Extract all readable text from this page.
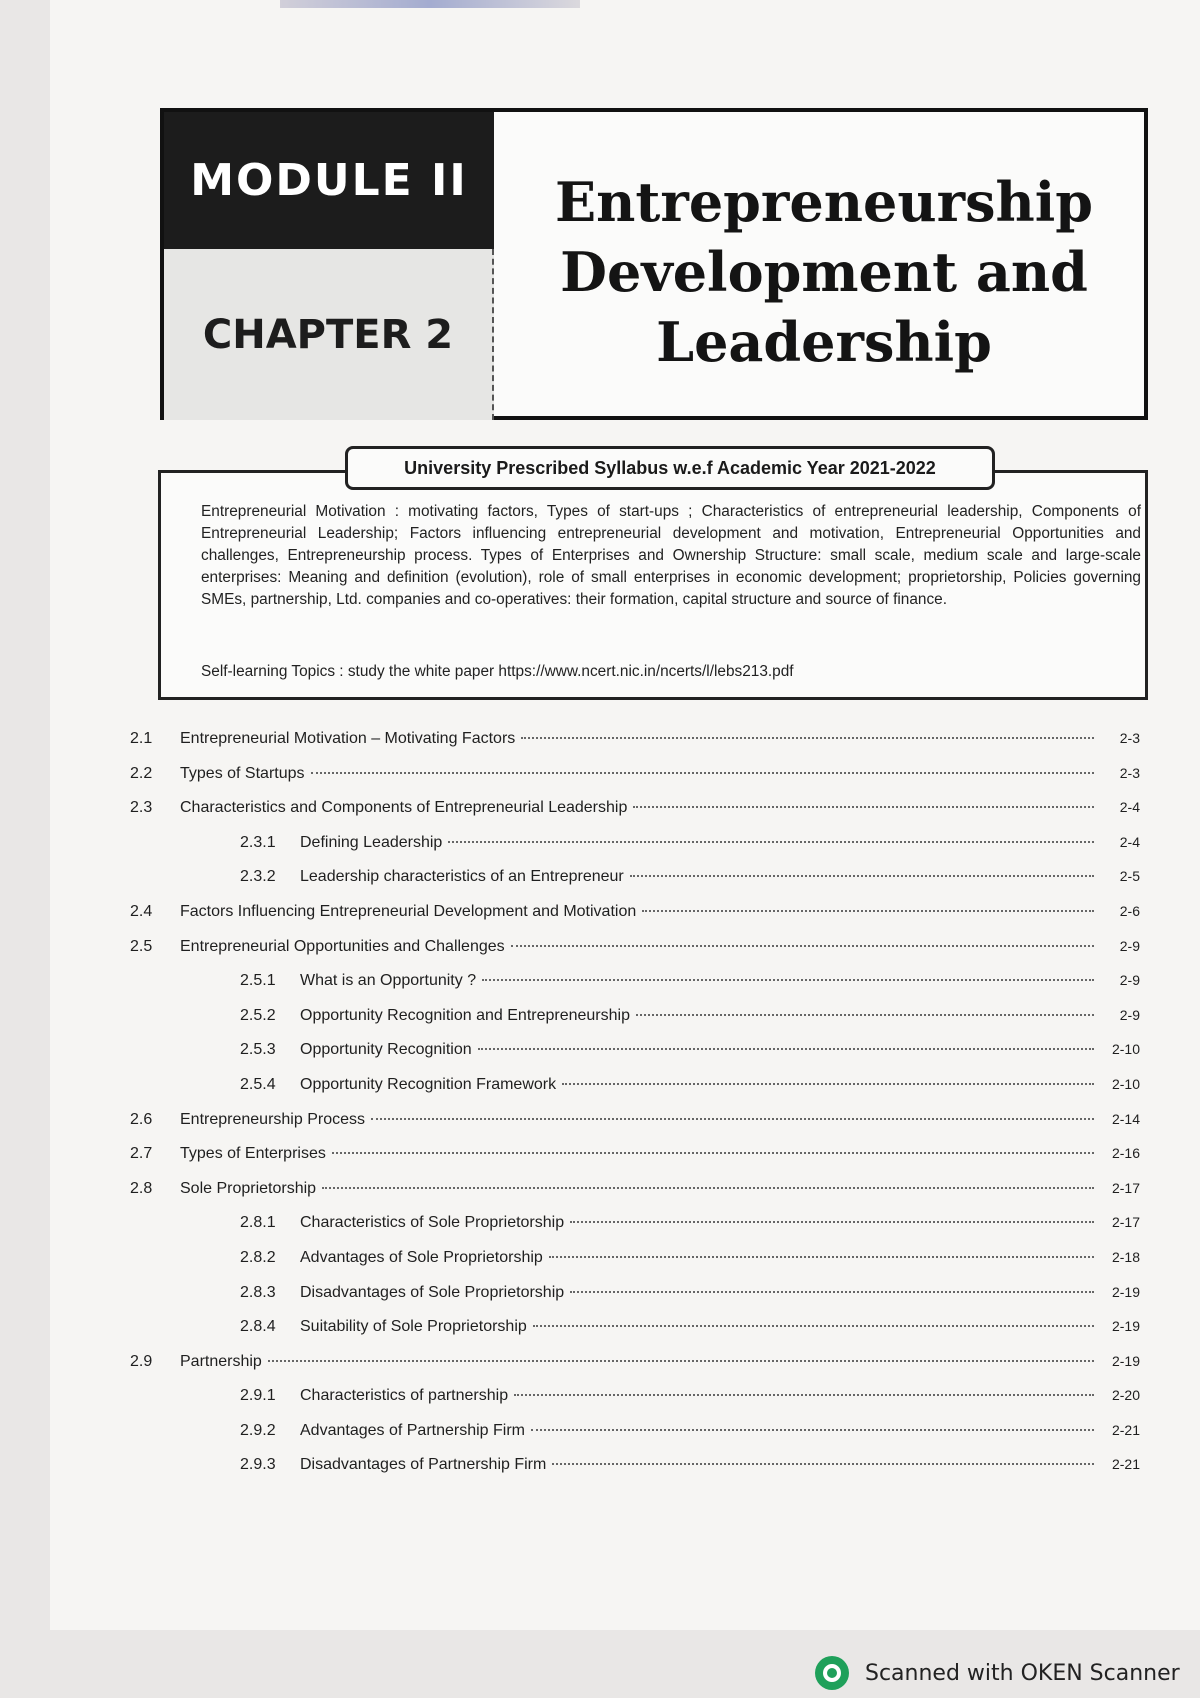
MODULE II
CHAPTER 2
Entrepreneurship
Development and
Leadership
Entrepreneurial Motivation : motivating factors, Types of start-ups ; Characteristics of entrepreneurial leadership, Components of Entrepreneurial Leadership; Factors influencing entrepreneurial development and motivation, Entrepreneurial Opportunities and challenges, Entrepreneurship process. Types of Enterprises and Ownership Structure: small scale, medium scale and large-scale enterprises: Meaning and definition (evolution), role of small enterprises in economic development; proprietorship, Policies governing SMEs, partnership, Ltd. companies and co-operatives: their formation, capital structure and source of finance.
Self-learning Topics : study the white paper https://www.ncert.nic.in/ncerts/l/lebs213.pdf
University Prescribed Syllabus w.e.f Academic Year 2021-2022
2.1	Entrepreneurial Motivation – Motivating Factors	2-3
2.2	Types of Startups	2-3
2.3	Characteristics and Components of Entrepreneurial Leadership	2-4
2.3.1	Defining Leadership	2-4
2.3.2	Leadership characteristics of an Entrepreneur	2-5
2.4	Factors Influencing Entrepreneurial Development and Motivation	2-6
2.5	Entrepreneurial Opportunities and Challenges	2-9
2.5.1	What is an Opportunity ?	2-9
2.5.2	Opportunity Recognition and Entrepreneurship	2-9
2.5.3	Opportunity Recognition	2-10
2.5.4	Opportunity Recognition Framework	2-10
2.6	Entrepreneurship Process	2-14
2.7	Types of Enterprises	2-16
2.8	Sole Proprietorship	2-17
2.8.1	Characteristics of Sole Proprietorship	2-17
2.8.2	Advantages of Sole Proprietorship	2-18
2.8.3	Disadvantages of Sole Proprietorship	2-19
2.8.4	Suitability of Sole Proprietorship	2-19
2.9	Partnership	2-19
2.9.1	Characteristics of partnership	2-20
2.9.2	Advantages of Partnership Firm	2-21
2.9.3	Disadvantages of Partnership Firm	2-21
Scanned with OKEN Scanner
